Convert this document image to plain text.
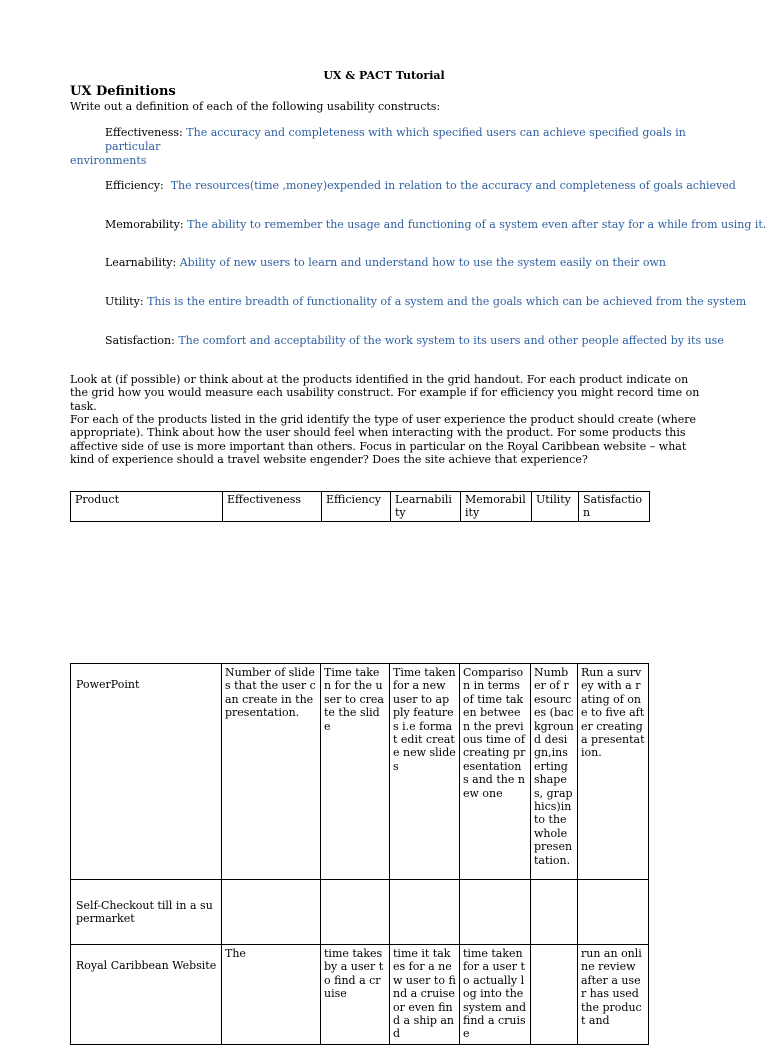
UX & PACT Tutorial
UX Definitions
Write out a definition of each of the following usability constructs:
Effectiveness: The accuracy and completeness with which specified users can achieve specified goals in particular
environments
Efficiency: The resources(time ,money)expended in relation to the accuracy and completeness of goals achieved
Memorability: The ability to remember the usage and functioning of a system even after stay for a while from using it.
Learnability: Ability of new users to learn and understand how to use the system easily on their own
Utility: This is the entire breadth of functionality of a system and the goals which can be achieved from the system
Satisfaction: The comfort and acceptability of the work system to its users and other people affected by its use
Look at (if possible) or think about at the products identified in the grid handout. For each product indicate on the grid how you would measure each usability construct. For example if for efficiency you might record time on task.
For each of the products listed in the grid identify the type of user experience the product should create (where appropriate). Think about how the user should feel when interacting with the product. For some products this affective side of use is more important than others. Focus in particular on the Royal Caribbean website – what kind of experience should a travel website engender? Does the site achieve that experience?
Product	Effectiveness	Efficiency	Learnability	Memorability	Utility	Satisfaction
PowerPoint	Number of slides that the user can create in the presentation.	Time taken for the user to create the slide	Time taken for a new user to apply features i.e format edit create new slides	Comparison in terms of time taken between the previous time of creating presentations and the new one	Number of resources (background design,inserting shapes, graphics)into the whole presentation.	Run a survey with a rating of one to five after creating a presentation.
Self-Checkout till in a supermarket						
Royal Caribbean Website	The	time takes by a user to find a cruise	time it takes for a new user to find a cruise or even find a ship and	time taken for a user to actually log into the system and find a cruise		run an online review after a user has used the product and
